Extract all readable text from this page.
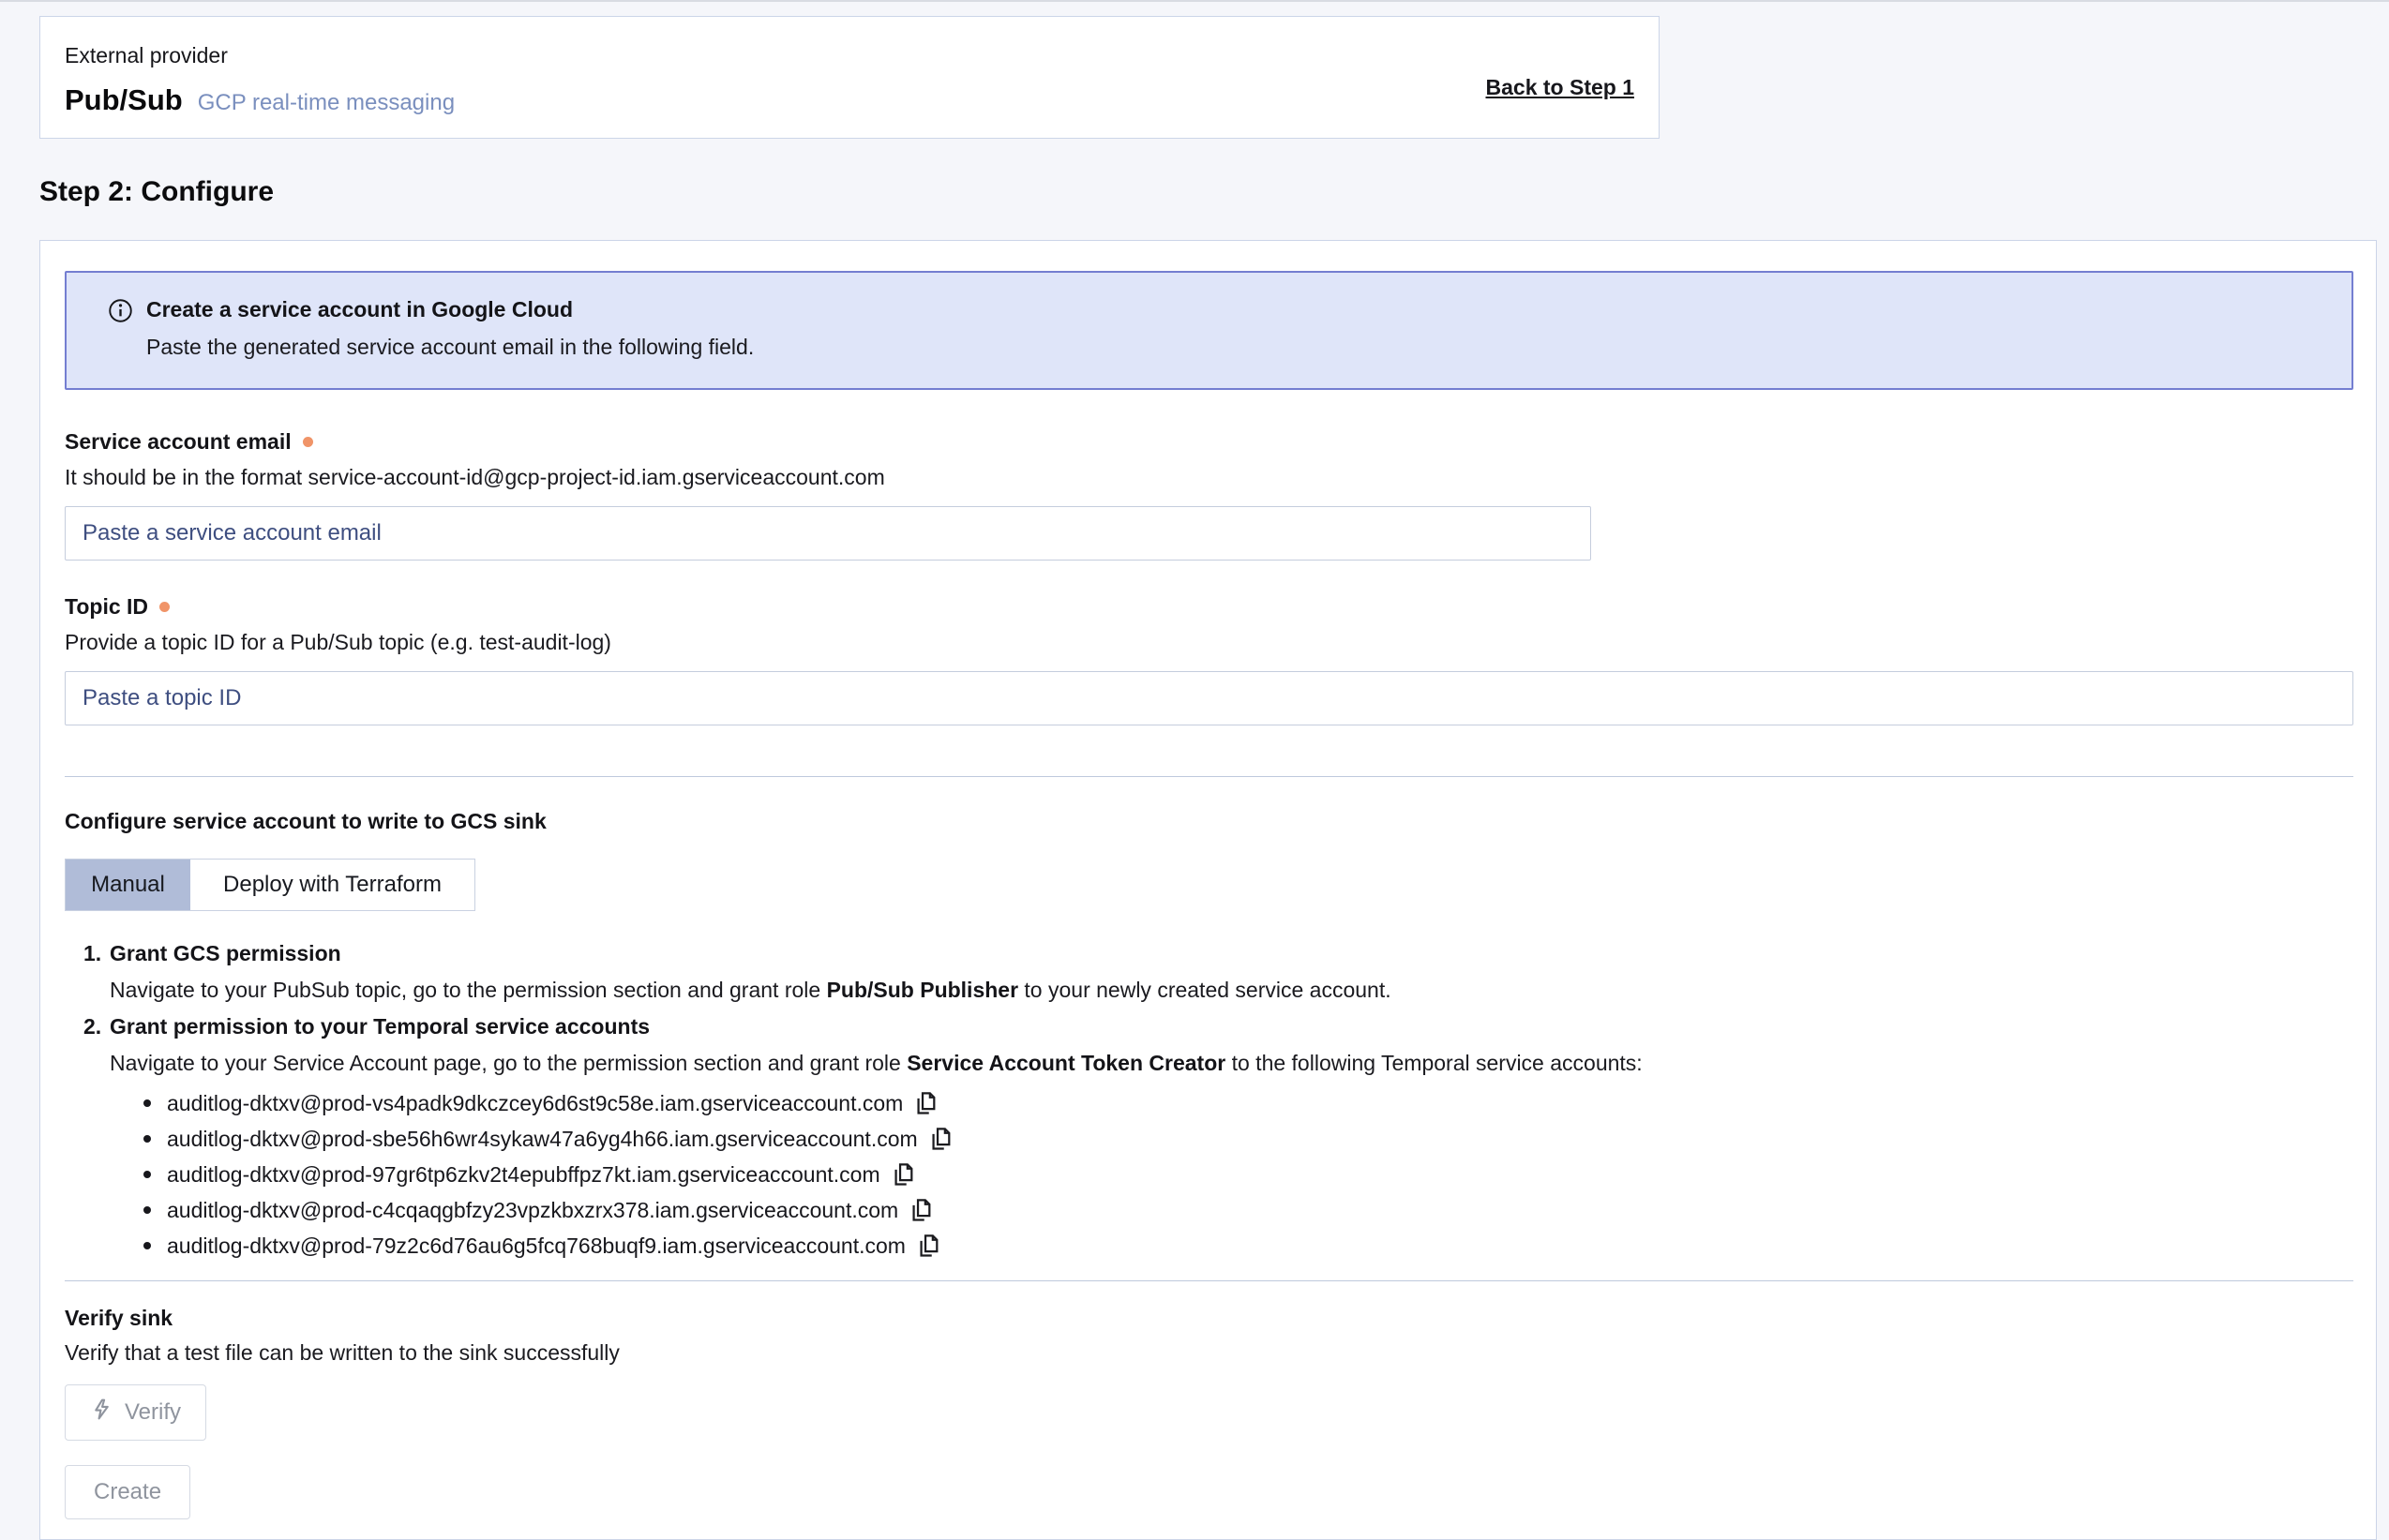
External provider
Pub/Sub GCP real-time messaging
Back to Step 1
Step 2: Configure
Create a service account in Google Cloud
Paste the generated service account email in the following field.
Service account email
It should be in the format service-account-id@gcp-project-id.iam.gserviceaccount.com
Paste a service account email
Topic ID
Provide a topic ID for a Pub/Sub topic (e.g. test-audit-log)
Paste a topic ID
Configure service account to write to GCS sink
Manual	Deploy with Terraform
1. Grant GCS permission
Navigate to your PubSub topic, go to the permission section and grant role Pub/Sub Publisher to your newly created service account.
2. Grant permission to your Temporal service accounts
Navigate to your Service Account page, go to the permission section and grant role Service Account Token Creator to the following Temporal service accounts:
auditlog-dktxv@prod-vs4padk9dkczcey6d6st9c58e.iam.gserviceaccount.com
auditlog-dktxv@prod-sbe56h6wr4sykaw47a6yg4h66.iam.gserviceaccount.com
auditlog-dktxv@prod-97gr6tp6zkv2t4epubffpz7kt.iam.gserviceaccount.com
auditlog-dktxv@prod-c4cqaqgbfzy23vpzkbxzrx378.iam.gserviceaccount.com
auditlog-dktxv@prod-79z2c6d76au6g5fcq768buqf9.iam.gserviceaccount.com
Verify sink
Verify that a test file can be written to the sink successfully
Verify
Create
